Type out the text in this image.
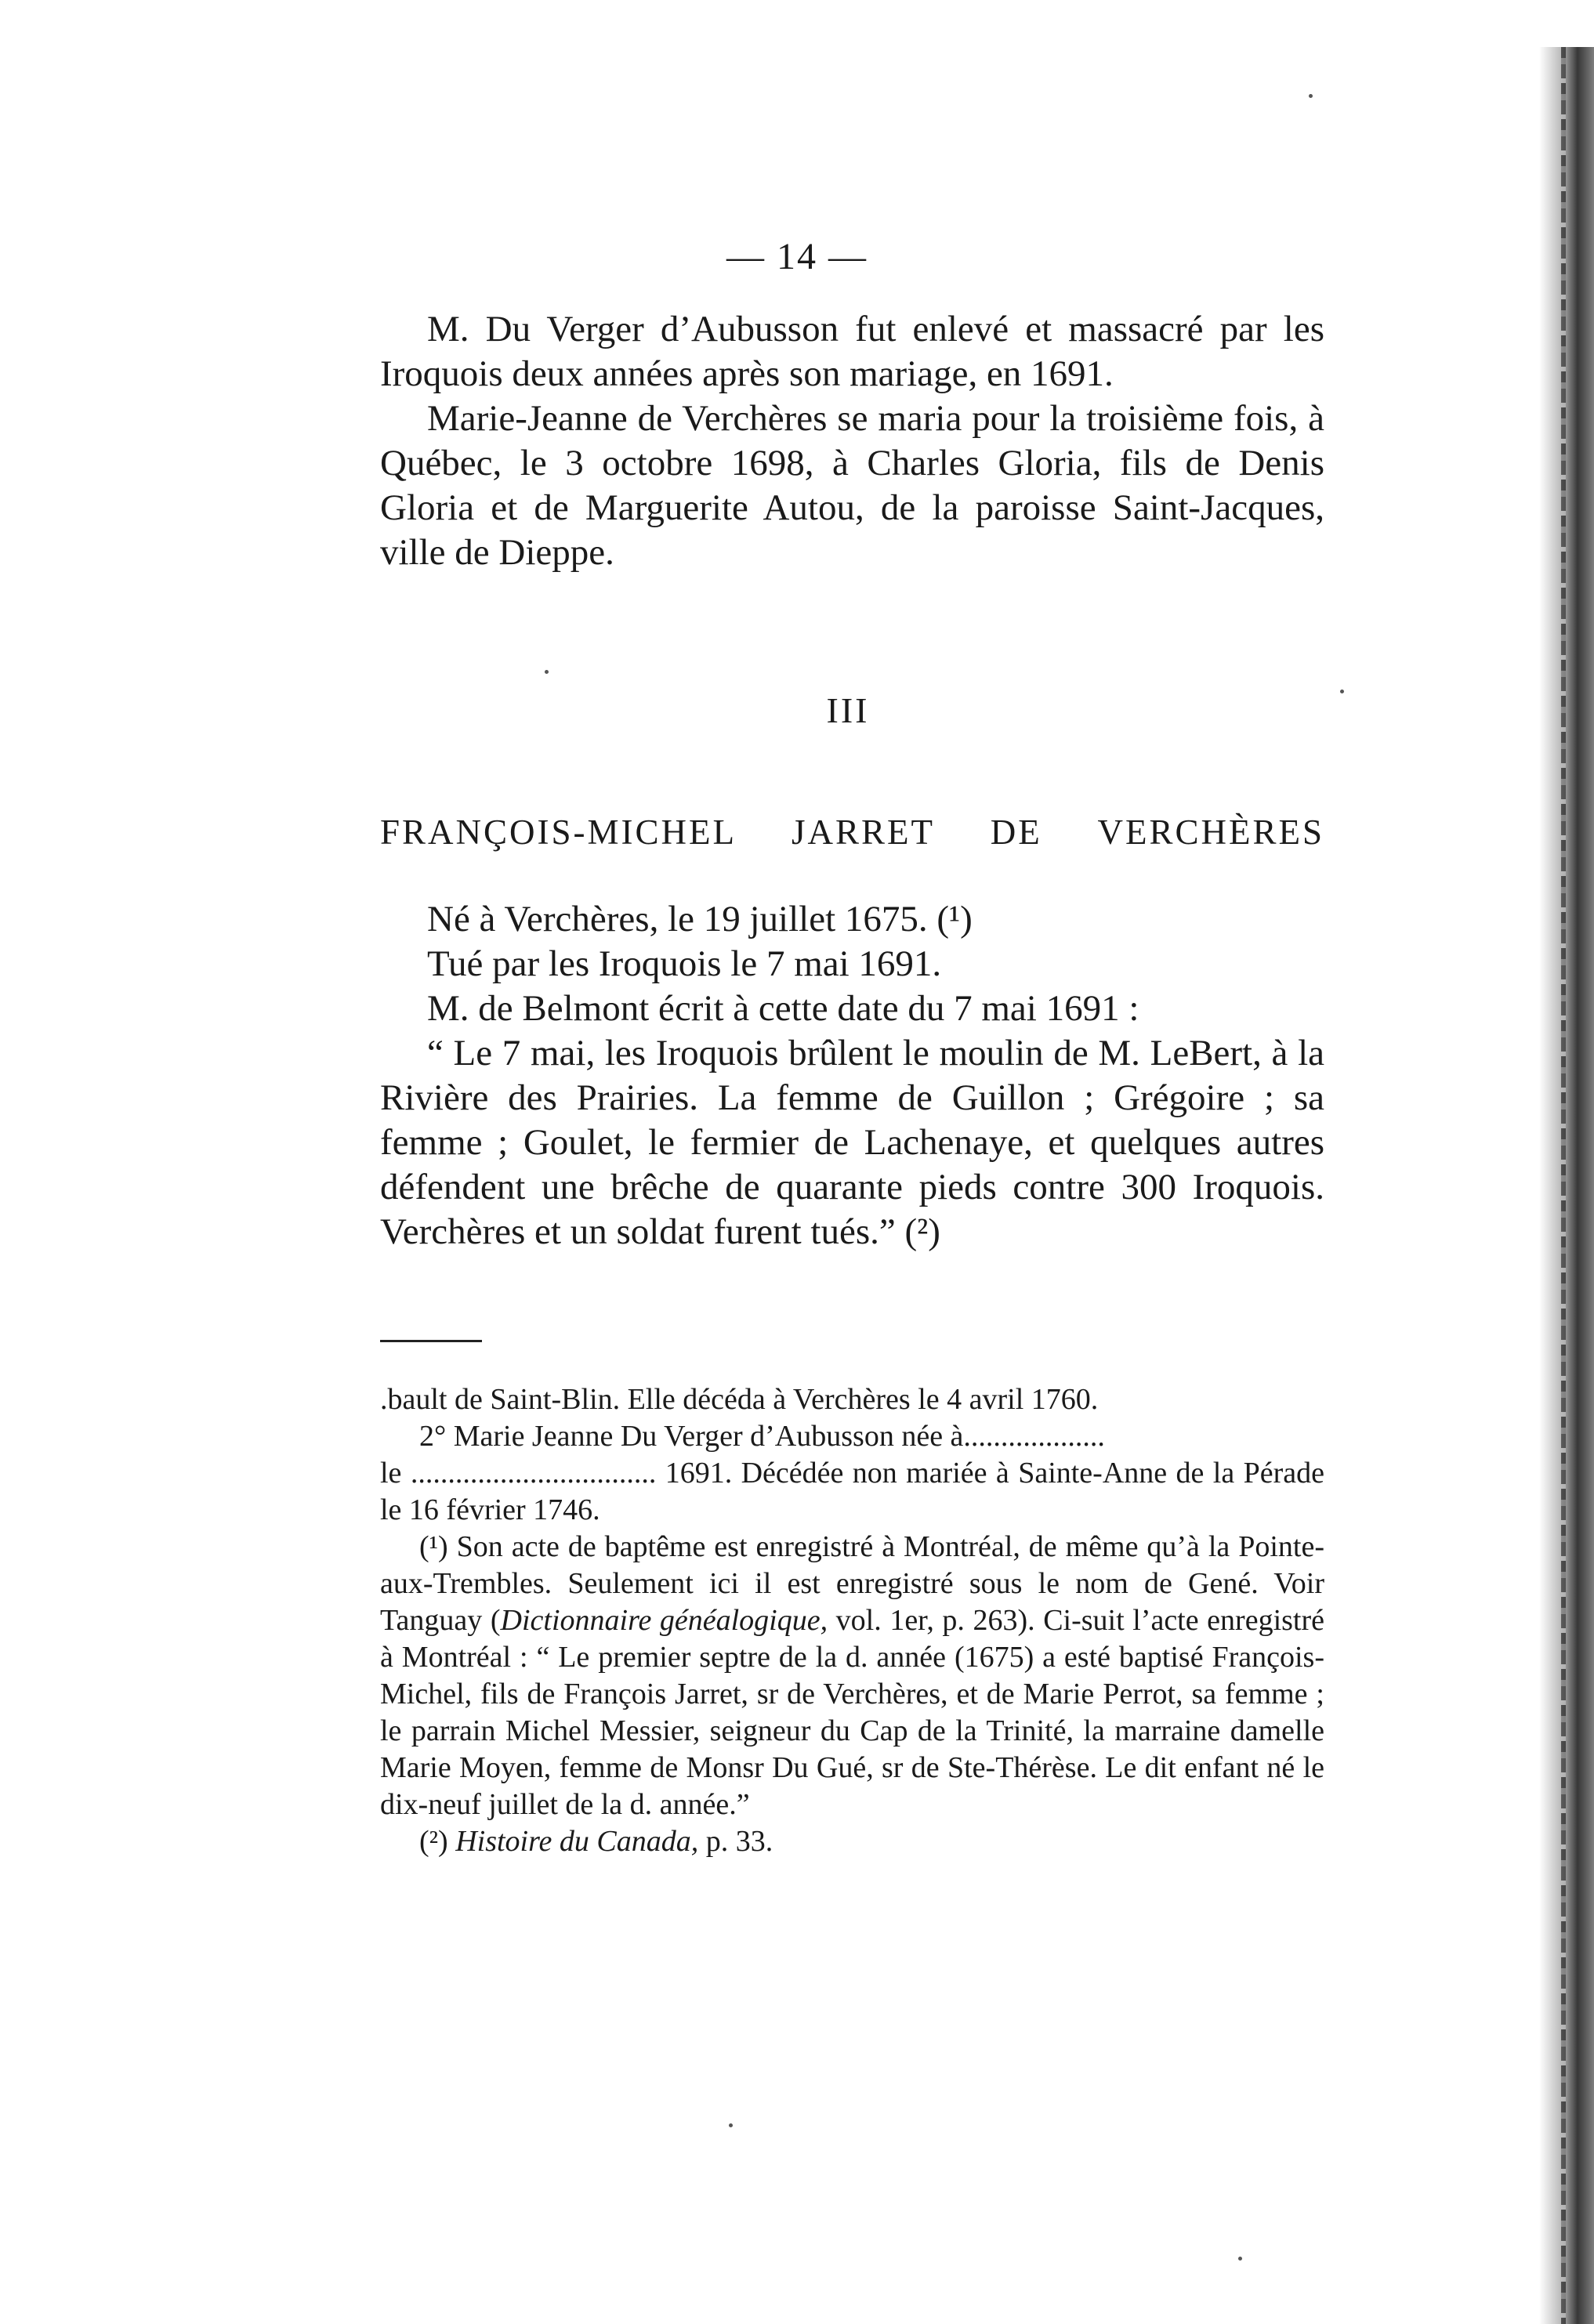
— 14 —

M. Du Verger d’Aubusson fut enlevé et massacré par les Iroquois deux années après son mariage, en 1691.

Marie-Jeanne de Verchères se maria pour la troisième fois, à Québec, le 3 octobre 1698, à Charles Gloria, fils de Denis Gloria et de Marguerite Autou, de la paroisse Saint-Jacques, ville de Dieppe.

III
FRANÇOIS-MICHEL JARRET DE VERCHÈRES

Né à Verchères, le 19 juillet 1675. (¹)

Tué par les Iroquois le 7 mai 1691.

M. de Belmont écrit à cette date du 7 mai 1691 :

“ Le 7 mai, les Iroquois brûlent le moulin de M. LeBert, à la Rivière des Prairies. La femme de Guillon ; Grégoire ; sa femme ; Goulet, le fermier de Lachenaye, et quelques autres défendent une brêche de quarante pieds contre 300 Iroquois. Verchères et un soldat furent tués.” (²)

.bault de Saint-Blin. Elle décéda à Verchères le 4 avril 1760.

2° Marie Jeanne Du Verger d’Aubusson née à...................

le ................................. 1691. Décédée non mariée à Sainte-Anne de la Pérade le 16 février 1746.

(¹) Son acte de baptême est enregistré à Montréal, de même qu’à la Pointe-aux-Trembles. Seulement ici il est enregistré sous le nom de Gené. Voir Tanguay (Dictionnaire généalogique, vol. 1er, p. 263). Ci-suit l’acte enregistré à Montréal : “ Le premier septre de la d. année (1675) a esté baptisé François-Michel, fils de François Jarret, sr de Verchères, et de Marie Perrot, sa femme ; le parrain Michel Messier, seigneur du Cap de la Trinité, la marraine damelle Marie Moyen, femme de Monsr Du Gué, sr de Ste-Thérèse. Le dit enfant né le dix-neuf juillet de la d. année.”

(²) Histoire du Canada, p. 33.
